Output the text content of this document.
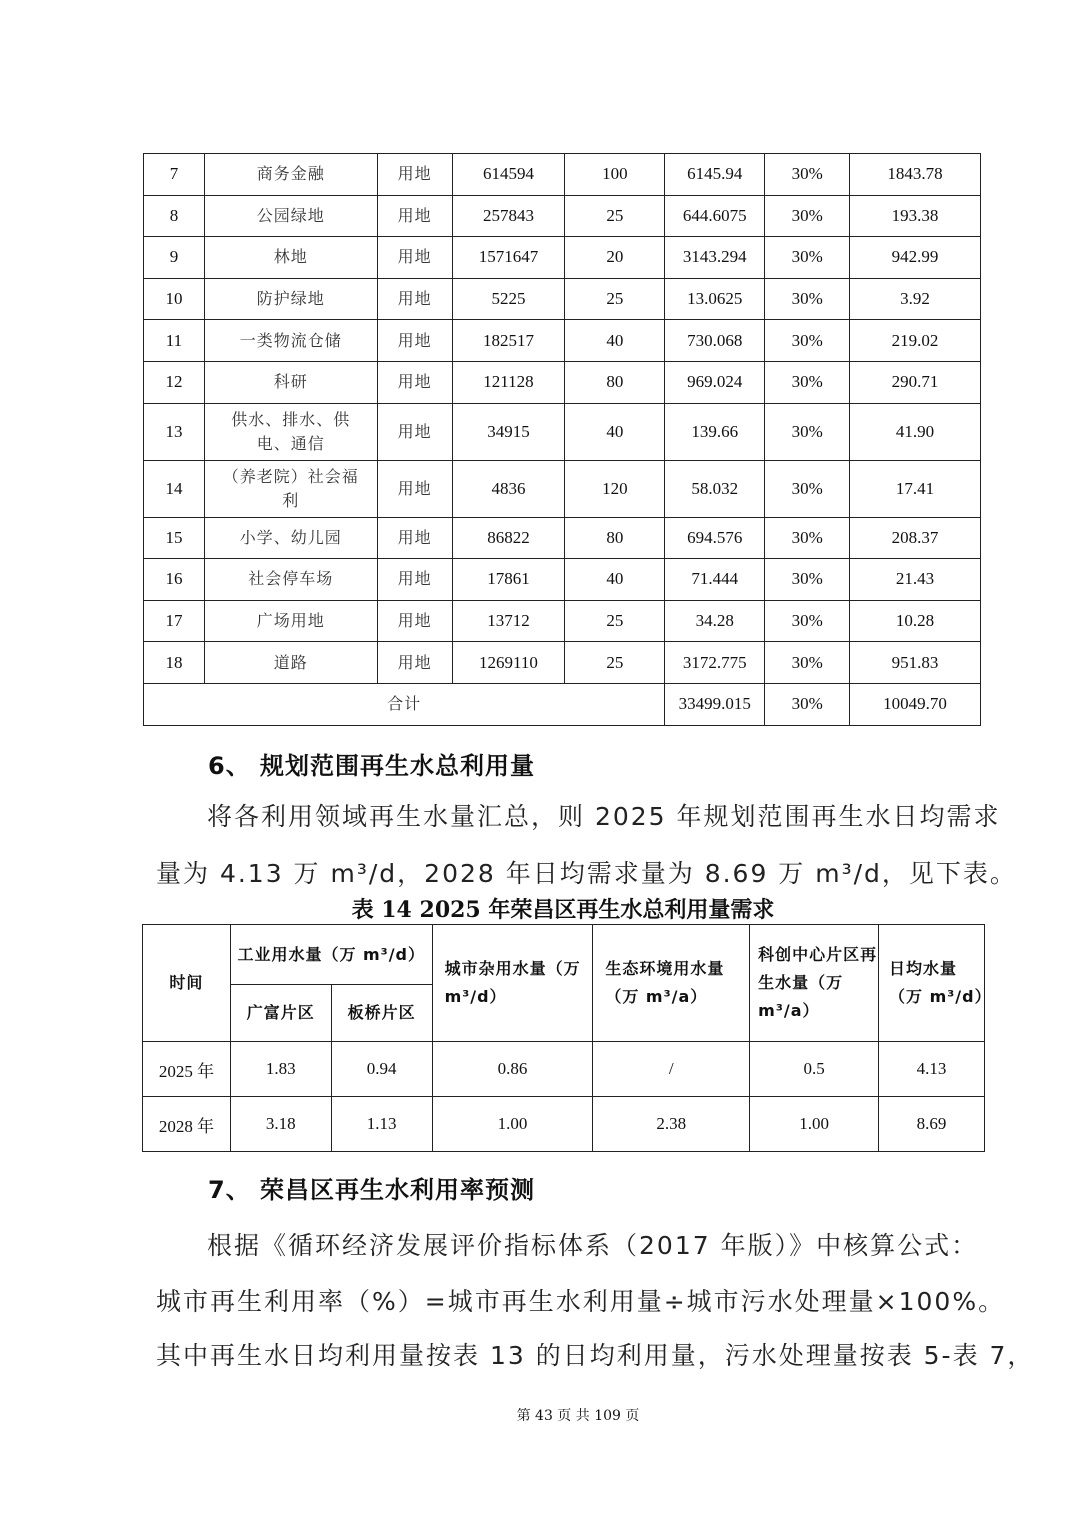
7	商务金融	用地	614594	100	6145.94	30%	1843.78
8	公园绿地	用地	257843	25	644.6075	30%	193.38
9	林地	用地	1571647	20	3143.294	30%	942.99
10	防护绿地	用地	5225	25	13.0625	30%	3.92
11	一类物流仓储	用地	182517	40	730.068	30%	219.02
12	科研	用地	121128	80	969.024	30%	290.71
13	供水、排水、供电、通信	用地	34915	40	139.66	30%	41.90
14	（养老院）社会福利	用地	4836	120	58.032	30%	17.41
15	小学、幼儿园	用地	86822	80	694.576	30%	208.37
16	社会停车场	用地	17861	40	71.444	30%	21.43
17	广场用地	用地	13712	25	34.28	30%	10.28
18	道路	用地	1269110	25	3172.775	30%	951.83
合计					33499.015	30%	10049.70
6、 规划范围再生水总利用量
将各利用领域再生水量汇总，则 2025 年规划范围再生水日均需求
量为 4.13 万 m³/d，2028 年日均需求量为 8.69 万 m³/d，见下表。
表 14 2025 年荣昌区再生水总利用量需求
时间	工业用水量（万 m³/d）		城市杂用水量（万 m³/d）	生态环境用水量（万 m³/a）	科创中心片区再生水量（万 m³/a）	日均水量（万 m³/d）
	广富片区	板桥片区				
2025 年	1.83	0.94	0.86	/	0.5	4.13
2028 年	3.18	1.13	1.00	2.38	1.00	8.69
7、 荣昌区再生水利用率预测
根据《循环经济发展评价指标体系（2017 年版）》中核算公式：
城市再生利用率（%）=城市再生水利用量÷城市污水处理量×100%。
其中再生水日均利用量按表 13 的日均利用量，污水处理量按表 5-表 7，
第 43 页 共 109 页
